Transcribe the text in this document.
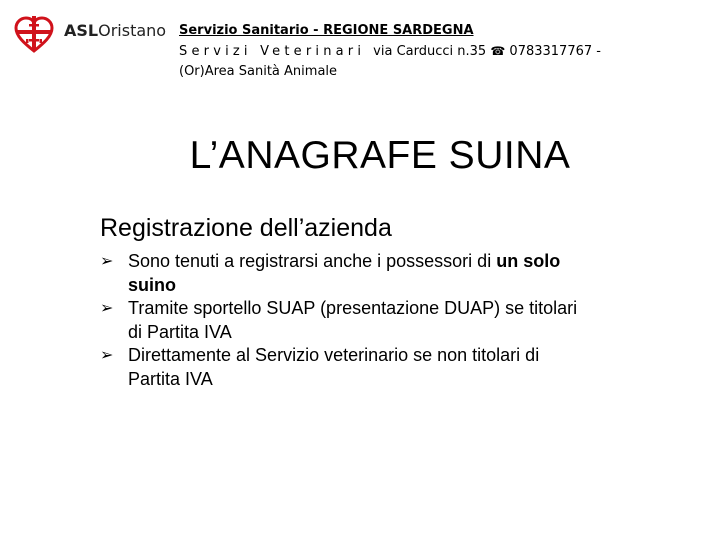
ASLOristano Servizio Sanitario - REGIONE SARDEGNA
Servizi Veterinari via Carducci n.35 ☎ 0783317767 -
(Or)Area Sanità Animale
L’ANAGRAFE SUINA
Registrazione dell’azienda
➢ Sono tenuti a registrarsi anche i possessori di un solo
suino
➢ Tramite sportello SUAP (presentazione DUAP) se titolari
di Partita IVA
➢ Direttamente al Servizio veterinario se non titolari di
Partita IVA
